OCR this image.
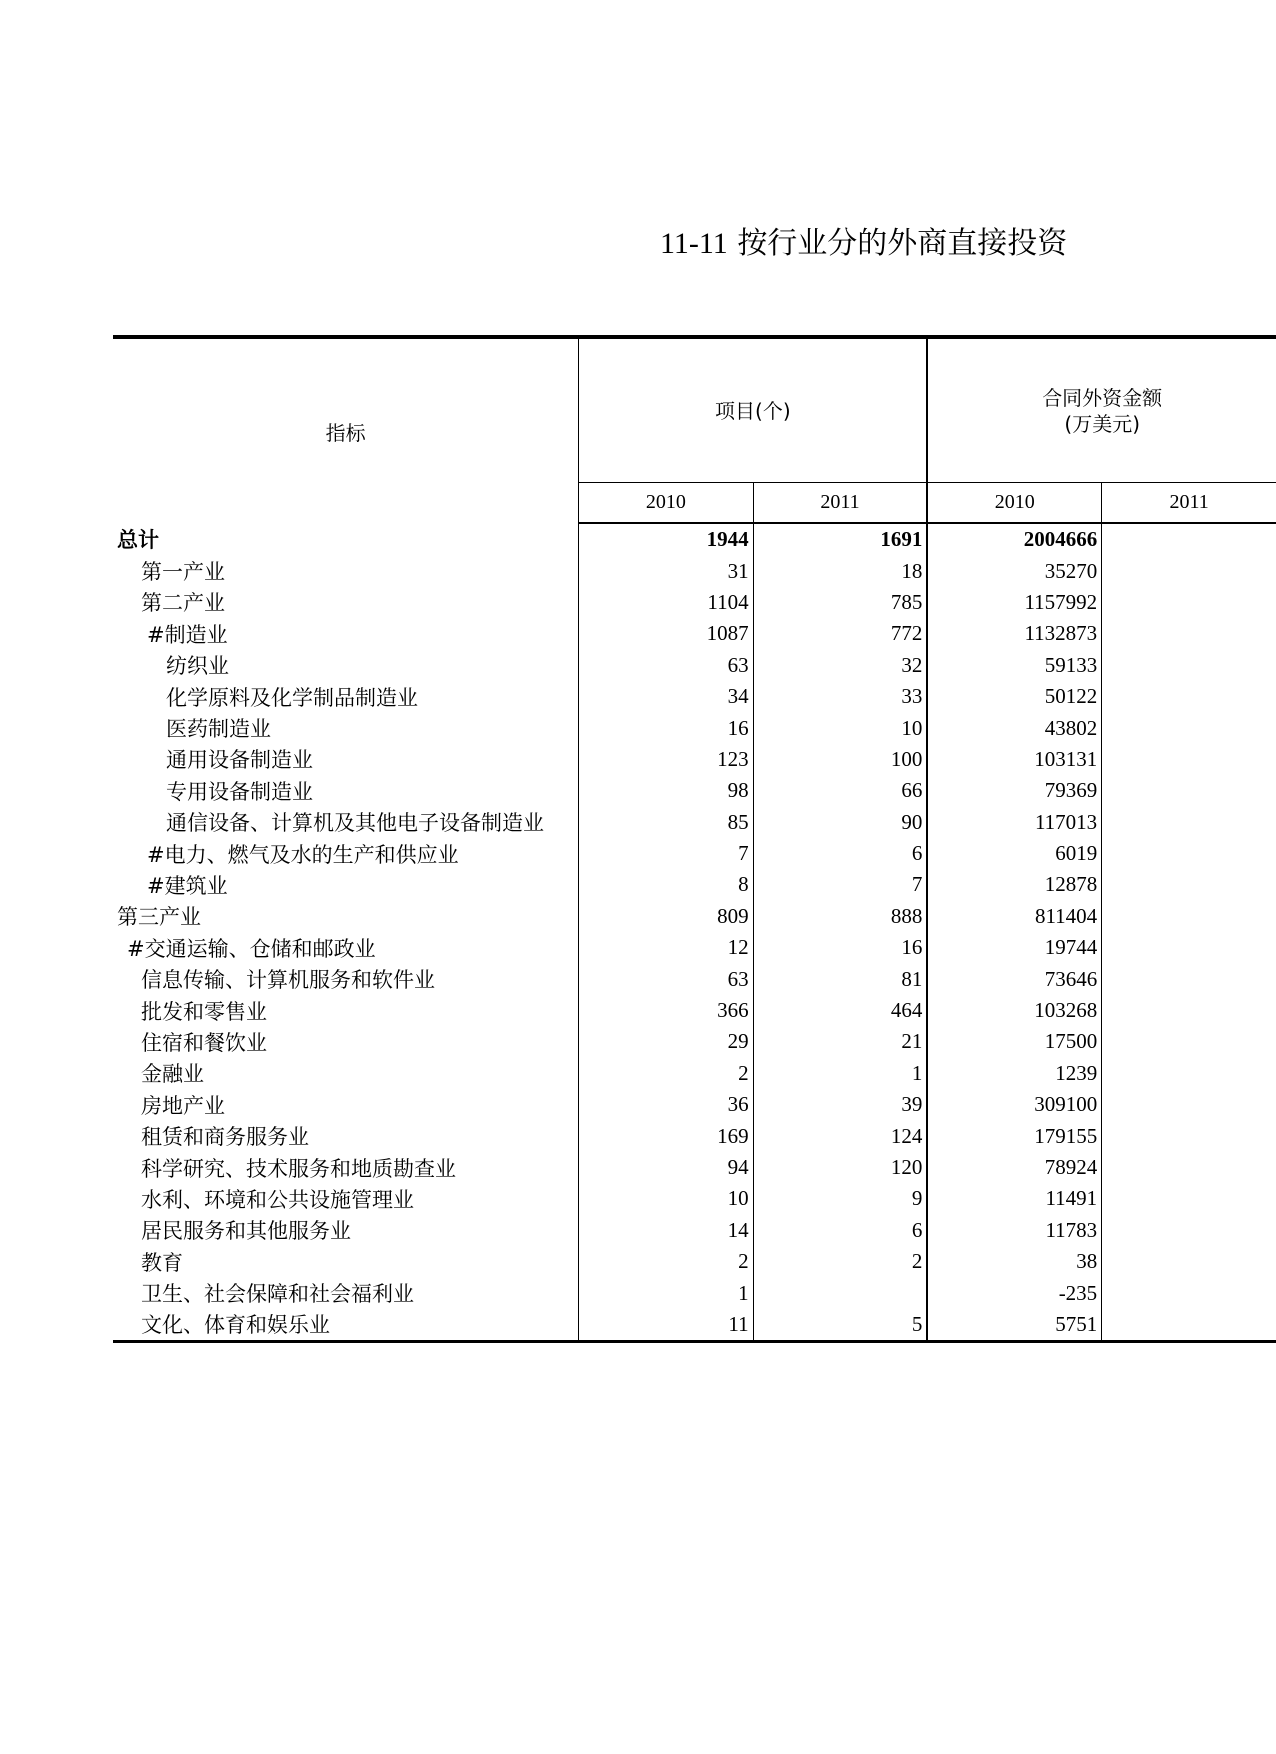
11-11 按行业分的外商直接投资
指标	项目(个)		合同外资金额
(万美元)	

	2010	2011	2010	2011
总计	1944	1691	2004666	
第一产业	31	18	35270	
第二产业	1104	785	1157992	
#制造业	1087	772	1132873	
纺织业	63	32	59133	
化学原料及化学制品制造业	34	33	50122	
医药制造业	16	10	43802	
通用设备制造业	123	100	103131	
专用设备制造业	98	66	79369	
通信设备、计算机及其他电子设备制造业	85	90	117013	
#电力、燃气及水的生产和供应业	7	6	6019	
#建筑业	8	7	12878	
第三产业	809	888	811404	
#交通运输、仓储和邮政业	12	16	19744	
信息传输、计算机服务和软件业	63	81	73646	
批发和零售业	366	464	103268	
住宿和餐饮业	29	21	17500	
金融业	2	1	1239	
房地产业	36	39	309100	
租赁和商务服务业	169	124	179155	
科学研究、技术服务和地质勘查业	94	120	78924	
水利、环境和公共设施管理业	10	9	11491	
居民服务和其他服务业	14	6	11783	
教育	2	2	38	
卫生、社会保障和社会福利业	1		-235	
文化、体育和娱乐业	11	5	5751	
